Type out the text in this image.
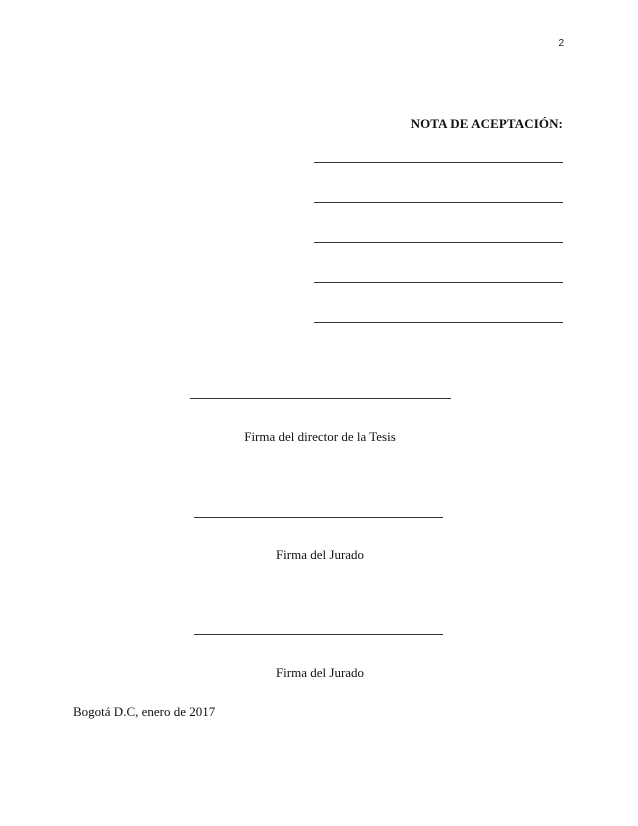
2
NOTA DE ACEPTACIÓN:
Firma del director de la Tesis
Firma del Jurado
Firma del Jurado
Bogotá D.C, enero de 2017
